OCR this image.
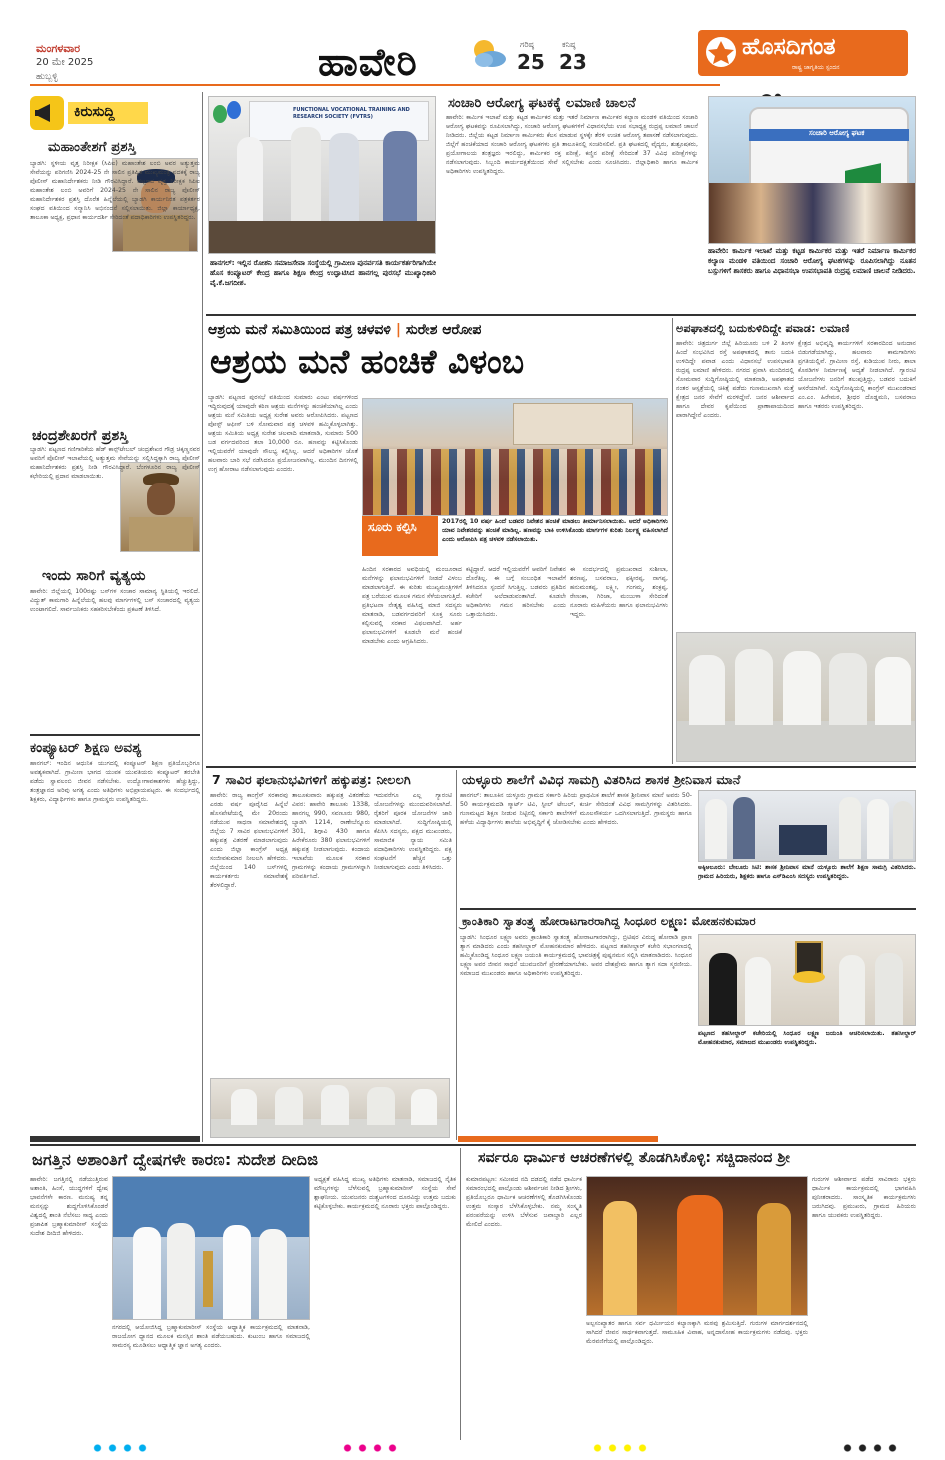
ಮಂಗಳವಾರ
20 ಮೇ 2025
ಹುಬ್ಬಳ್ಳಿ	ಹಾವೇರಿ	ಗರಿಷ್ಠ
25
ಕನಿಷ್ಠ
23
ಹೊಸದಿಗಂತ
ರಾಷ್ಟ್ರ ಜಾಗೃತಿಯ ಸ್ಪಂದನ
ಕಿರುಸುದ್ದಿ
ಮಹಾಂತೇಶಗೆ ಪ್ರಶಸ್ತಿ
ಬ್ಯಾಡಗಿ: ಸ್ಥಳೀಯ ವೃತ್ತ ನಿರೀಕ್ಷಕ (ಸಿಪಿಐ) ಮಹಾಂತೇಶ ಲಂಬಿ ಅವರ ಅತ್ಯುತ್ತಮ ಸೇವೆಯನ್ನು ಪರಿಗಣಿಸಿ 2024-25 ನೇ ಸಾಲಿನ ಪ್ರತಿಷ್ಠಿತ ಮುಖ್ಯಮಂತ್ರಿ ಪದಕಕ್ಕೆ ರಾಜ್ಯ ಪೊಲೀಸ್ ಮಹಾನಿರ್ದೇಶಕರು ನೀಡಿ ಗೌರವಿಸಿದ್ದಾರೆ. ಪಟ್ಟಣದ ವೃತ್ತ ನಿರೀಕ್ಷಕ ಸಿಪಿಐ ಮಹಾಂತೇಶ ಲಂಬಿ ಅವರಿಗೆ 2024-25 ನೇ ಸಾಲಿನ ರಾಜ್ಯ ಪೊಲೀಸ್ ಮಹಾನಿರ್ದೇಶಕರ ಪ್ರಶಸ್ತಿ ದೊರೆತ ಹಿನ್ನೆಲೆಯಲ್ಲಿ ಬ್ಯಾಡಗಿ ಕಾರ್ಯನಿರತ ಪತ್ರಕರ್ತರ ಸಂಘದ ವತಿಯಿಂದ ಸನ್ಮಾನಿಸಿ ಅಭಿನಂದನೆ ಸಲ್ಲಿಸಲಾಯಿತು. ಜಿಲ್ಲಾ ಕಾರ್ಯಾಧ್ಯಕ್ಷ, ತಾಲೂಕಾ ಅಧ್ಯಕ್ಷ, ಪ್ರಧಾನ ಕಾರ್ಯದರ್ಶಿ ಸೇರಿದಂತೆ ಪದಾಧಿಕಾರಿಗಳು ಉಪಸ್ಥಿತರಿದ್ದರು.
ಚಂದ್ರಶೇಖರಗೆ ಪ್ರಶಸ್ತಿ
ಬ್ಯಾಡಗಿ: ಪಟ್ಟಣದ ಗಣಿಗಾರಿಕೆಯ ಹೆಡ್ ಕಾನ್ಸ್‌ಟೇಬಲ್ ಚಂದ್ರಶೇಖರ ಗೌಡ್ರ ಚಿಕ್ಕಣ್ಣನವರ ಅವರಿಗೆ ಪೊಲೀಸ್ ಇಲಾಖೆಯಲ್ಲಿ ಅತ್ಯುತ್ತಮ ಸೇವೆಯನ್ನು ಸಲ್ಲಿಸಿದ್ದಕ್ಕಾಗಿ ರಾಜ್ಯ ಪೊಲೀಸ್ ಮಹಾನಿರ್ದೇಶಕರು ಪ್ರಶಸ್ತಿ ನೀಡಿ ಗೌರವಿಸಿದ್ದಾರೆ. ಬೆಂಗಳೂರಿನ ರಾಜ್ಯ ಪೊಲೀಸ್ ಕಛೇರಿಯಲ್ಲಿ ಪ್ರದಾನ ಮಾಡಲಾಯಿತು.
ಇಂದು ಸಾರಿಗೆ ವ್ಯತ್ಯಯ
ಹಾವೇರಿ: ಜಿಲ್ಲೆಯಲ್ಲಿ 100ರಷ್ಟು ಬಸ್‌ಗಳ ಸಂಚಾರ ಸಾಮಾನ್ಯ ಸ್ಥಿತಿಯಲ್ಲಿ ಇರಲಿದೆ. ವಿದ್ಯುತ್ ಕಾಮಗಾರಿ ಹಿನ್ನೆಲೆಯಲ್ಲಿ ಹಲವು ಮಾರ್ಗಗಳಲ್ಲಿ ಬಸ್ ಸಂಚಾರದಲ್ಲಿ ವ್ಯತ್ಯಯ ಉಂಟಾಗಲಿದೆ. ಸಾರ್ವಜನಿಕರು ಸಹಕರಿಸಬೇಕೆಂದು ಪ್ರಕಟಣೆ ತಿಳಿಸಿದೆ.
ಕಂಪ್ಯೂಟರ್ ಶಿಕ್ಷಣ ಅವಶ್ಯ
ಹಾನಗಲ್: ಇಂದಿನ ಆಧುನಿಕ ಯುಗದಲ್ಲಿ ಕಂಪ್ಯೂಟರ್ ಶಿಕ್ಷಣ ಪ್ರತಿಯೊಬ್ಬರಿಗೂ ಅವಶ್ಯಕವಾಗಿದೆ. ಗ್ರಾಮೀಣ ಭಾಗದ ಯುವಕ ಯುವತಿಯರು ಕಂಪ್ಯೂಟರ್ ತರಬೇತಿ ಪಡೆದು ಸ್ವಾವಲಂಬಿ ಜೀವನ ನಡೆಸಬೇಕು. ಉದ್ಯೋಗಾವಕಾಶಗಳು ಹೆಚ್ಚುತ್ತಿದ್ದು, ತಂತ್ರಜ್ಞಾನದ ಅರಿವು ಅಗತ್ಯ ಎಂದು ಅತಿಥಿಗಳು ಅಭಿಪ್ರಾಯಪಟ್ಟರು. ಈ ಸಂದರ್ಭದಲ್ಲಿ ಶಿಕ್ಷಕರು, ವಿದ್ಯಾರ್ಥಿಗಳು ಹಾಗೂ ಗ್ರಾಮಸ್ಥರು ಉಪಸ್ಥಿತರಿದ್ದರು.
FUNCTIONAL VOCATIONAL TRAINING AND RESEARCH SOCIETY (FVTRS)
ಹಾನಗಲ್: ಇಲ್ಲಿನ ರೋಶನಿ ಸಮಾಜಸೇವಾ ಸಂಸ್ಥೆಯಲ್ಲಿ ಗ್ರಾಮೀಣ ಪುನರ್ವಸತಿ ಕಾರ್ಯಕರ್ತರಿಗಾಗಿಯೇ ಹೊಸ ಕಂಪ್ಯೂಟರ್ ಕೇಂದ್ರ ಹಾಗೂ ಶಿಕ್ಷಣ ಕೇಂದ್ರ ಉದ್ಘಾಟಿಸಿದ ಹಾನಗಲ್ಲ ಪುರಸಭೆ ಮುಖ್ಯಾಧಿಕಾರಿ ವೈ.ಕೆ.ಜಗದೀಶ.
ಸಂಚಾರಿ ಆರೋಗ್ಯ ಘಟಕಕ್ಕೆ ಲಮಾಣಿ ಚಾಲನೆ
ಹಾವೇರಿ: ಕಾರ್ಮಿಕ ಇಲಾಖೆ ಮತ್ತು ಕಟ್ಟಡ ಕಾರ್ಮಿಕರ ಮತ್ತು ಇತರೆ ನಿರ್ಮಾಣ ಕಾರ್ಮಿಕರ ಕಲ್ಯಾಣ ಮಂಡಳಿ ವತಿಯಿಂದ ಸಂಚಾರಿ ಆರೋಗ್ಯ ಘಟಕವನ್ನು ರೂಪಿಸಲಾಗಿದ್ದು, ಸಂಚಾರಿ ಆರೋಗ್ಯ ಘಟಕಗಳಿಗೆ ವಿಧಾನಸಭೆಯ ಉಪ ಸಭಾಧ್ಯಕ್ಷ ರುದ್ರಪ್ಪ ಲಮಾಣಿ ಚಾಲನೆ ನೀಡಿದರು. ಜಿಲ್ಲೆಯ ಕಟ್ಟಡ ನಿರ್ಮಾಣ ಕಾರ್ಮಿಕರು ಕೆಲಸ ಮಾಡುವ ಸ್ಥಳಕ್ಕೇ ತೆರಳಿ ಉಚಿತ ಆರೋಗ್ಯ ತಪಾಸಣೆ ನಡೆಸಲಾಗುವುದು. ಜಿಲ್ಲೆಗೆ ಹಂಚಿಕೆಯಾದ ಸಂಚಾರಿ ಆರೋಗ್ಯ ಘಟಕಗಳು ಪ್ರತಿ ತಾಲೂಕಿನಲ್ಲಿ ಸಂಚರಿಸಲಿವೆ. ಪ್ರತಿ ಘಟಕದಲ್ಲಿ ವೈದ್ಯರು, ಶುಶ್ರೂಷಕರು, ಪ್ರಯೋಗಾಲಯ ತಂತ್ರಜ್ಞರು ಇರಲಿದ್ದು, ಕಾರ್ಮಿಕರ ರಕ್ತ ಪರೀಕ್ಷೆ, ಕಣ್ಣಿನ ಪರೀಕ್ಷೆ ಸೇರಿದಂತೆ 37 ವಿವಿಧ ಪರೀಕ್ಷೆಗಳನ್ನು ನಡೆಸಲಾಗುವುದು. ಸಿಬ್ಬಂದಿ ಕಾರ್ಯದಕ್ಷತೆಯಿಂದ ಸೇವೆ ಸಲ್ಲಿಸಬೇಕು ಎಂದು ಸೂಚಿಸಿದರು. ಜಿಲ್ಲಾಧಿಕಾರಿ ಹಾಗೂ ಕಾರ್ಮಿಕ ಅಧಿಕಾರಿಗಳು ಉಪಸ್ಥಿತರಿದ್ದರು.
ಸಂಚಾರಿ ಆರೋಗ್ಯ ಘಟಕ
ಹಾವೇರಿ: ಕಾರ್ಮಿಕ ಇಲಾಖೆ ಮತ್ತು ಕಟ್ಟಡ ಕಾರ್ಮಿಕರ ಮತ್ತು ಇತರೆ ನಿರ್ಮಾಣ ಕಾರ್ಮಿಕರ ಕಲ್ಯಾಣ ಮಂಡಳಿ ವತಿಯಿಂದ ಸಂಚಾರಿ ಆರೋಗ್ಯ ಘಟಕಗಳನ್ನು ರೂಪಿಸಲಾಗಿದ್ದು ನೂತನ ಬಸ್ಸುಗಳಿಗೆ ಶಾಸಕರು ಹಾಗೂ ವಿಧಾನಸಭಾ ಉಪಸಭಾಪತಿ ರುದ್ರಪ್ಪ ಲಮಾಣಿ ಚಾಲನೆ ನೀಡಿದರು.
ಆಶ್ರಯ ಮನೆ ಸಮಿತಿಯಿಂದ ಪತ್ರ ಚಳವಳಿ | ಸುರೇಶ ಆರೋಪ
ಆಶ್ರಯ ಮನೆ ಹಂಚಿಕೆ ವಿಳಂಬ
ಬ್ಯಾಡಗಿ: ಪಟ್ಟಣದ ಪುರಸಭೆ ವತಿಯಿಂದ ಸುಮಾರು ಎಂಟು ವರ್ಷಗಳಿಂದ ಇದ್ದಿರುವುದಕ್ಕೆ ಯಾವುದೇ ಕಠಿಣ ಆಶ್ರಯ ಮನೆಗಳನ್ನು ಹಂಚಿಕೆಯಾಗಿಲ್ಲ ಎಂದು ಆಶ್ರಯ ಮನೆ ಸಮಿತಿಯ ಅಧ್ಯಕ್ಷ ಸುರೇಶ ಅವರು ಆರೋಪಿಸಿದರು. ಪಟ್ಟಣದ ಪೋಸ್ಟ್ ಆಫೀಸ್ ಬಳಿ ಸೋಮವಾರ ಪತ್ರ ಚಳವಳಿ ಹಮ್ಮಿಕೊಳ್ಳಲಾಗಿತ್ತು. ಆಶ್ರಯ ಸಮಿತಿಯ ಅಧ್ಯಕ್ಷ ಸುರೇಶ ಚಲವಾದಿ ಮಾತನಾಡಿ, ಸುಮಾರು 500 ಬಡ ವರ್ಗದವರಿಂದ ತಲಾ 10,000 ರೂ. ಹಣವನ್ನು ಕಟ್ಟಿಸಿಕೊಂಡು ಇಲ್ಲಿಯವರೆಗೆ ಯಾವುದೇ ಸೌಲಭ್ಯ ಕಲ್ಪಿಸಿಲ್ಲ. ಆದರೆ ಅಧಿಕಾರಿಗಳ ಜೊತೆ ಹಲವಾರು ಬಾರಿ ಸಭೆ ನಡೆಸಿದರೂ ಪ್ರಯೋಜನವಾಗಿಲ್ಲ. ಮುಂದಿನ ದಿನಗಳಲ್ಲಿ ಉಗ್ರ ಹೋರಾಟ ನಡೆಸಲಾಗುವುದು ಎಂದರು.
ಸೂರು ಕಲ್ಪಿಸಿ	2017ರಲ್ಲಿ 10 ವರ್ಷ ಹಿಂದೆ ಬಡವರ ನಿವೇಶನ ಹಂಚಿಕೆ ಮಾಡಲು ತೀರ್ಮಾನಿಸಲಾಯಿತು. ಆದರೆ ಅಧಿಕಾರಿಗಳು ಯಾವ ನಿವೇಶನವನ್ನು ಹಂಚಿಕೆ ಮಾಡಿಲ್ಲ. ಹಣವನ್ನು ಬಾಕಿ ಉಳಿಸಿಕೊಂಡು ಮಾರ್ಗಗಳ ಕುರಿತು ನಿರ್ಲಕ್ಷ್ಯ ವಹಿಸಲಾಗಿದೆ ಎಂದು ಆರೋಪಿಸಿ ಪತ್ರ ಚಳವಳಿ ನಡೆಸಲಾಯಿತು.
ಹಿಂದಿನ ಸರಕಾರದ ಅವಧಿಯಲ್ಲಿ ಮಂಜೂರಾದ ಮನೆಗಳನ್ನು ಫಲಾನುಭವಿಗಳಿಗೆ ನೀಡದೆ ವಿಳಂಬ ಮಾಡಲಾಗುತ್ತಿದೆ. ಈ ಕುರಿತು ಮುಖ್ಯಮಂತ್ರಿಗಳಿಗೆ ಪತ್ರ ಬರೆಯುವ ಮೂಲಕ ಗಮನ ಸೆಳೆಯಲಾಗುತ್ತಿದೆ. ಪ್ರತಿಭಟನಾ ನೇತೃತ್ವ ವಹಿಸಿದ್ದ ಮಾಜಿ ಸದಸ್ಯರು ಮಾತನಾಡಿ, ಬಡವರ್ಗದವರಿಗೆ ಸೂಕ್ತ ಸೂರು ಕಲ್ಪಿಸುವಲ್ಲಿ ಸರಕಾರ ವಿಫಲವಾಗಿದೆ. ಅರ್ಹ ಫಲಾನುಭವಿಗಳಿಗೆ ಕೂಡಲೇ ಮನೆ ಹಂಚಿಕೆ ಮಾಡಬೇಕು ಎಂದು ಆಗ್ರಹಿಸಿದರು.
ಕಟ್ಟಿದ್ದಾರೆ. ಆದರೆ ಇಲ್ಲಿಯವರೆಗೆ ಆವರಿಗೆ ನಿವೇಶನ ದೊರೆತಿಲ್ಲ. ಈ ಬಗ್ಗೆ ಸಂಬಂಧಿತ ಇಲಾಖೆಗೆ ತಿಳಿಸಿದರೂ ಸ್ಪಂದನೆ ಸಿಗುತ್ತಿಲ್ಲ. ಬಡವರು ಪ್ರತಿದಿನ ಕಚೇರಿಗೆ ಅಲೆದಾಡುವಂತಾಗಿದೆ. ಕೂಡಲೇ ಅಧಿಕಾರಿಗಳು ಗಮನ ಹರಿಸಬೇಕು ಎಂದು ಒತ್ತಾಯಿಸಿದರು.
ಈ ಸಂದರ್ಭದಲ್ಲಿ ಪ್ರಮುಖರಾದ ಸುಶೀಲಾ, ಶರಣಪ್ಪ, ಬಸವರಾಜ, ಫಕ್ಕೀರಪ್ಪ, ನಾಗಪ್ಪ, ಹನುಮಂತಪ್ಪ, ಲಕ್ಷ್ಮೀ, ಗಂಗಮ್ಮ, ಶಂಕ್ರಪ್ಪ, ರೇಣುಕಾ, ಗಿರಿಜಾ, ಮಂಜುಳಾ ಸೇರಿದಂತೆ ನೂರಾರು ಮಹಿಳೆಯರು ಹಾಗೂ ಫಲಾನುಭವಿಗಳು ಇದ್ದರು.
ಅಪಘಾತದಲ್ಲಿ ಬದುಕುಳಿದಿದ್ದೇ ಪವಾಡ: ಲಮಾಣಿ
ಹಾವೇರಿ: ಚಿತ್ರದುರ್ಗ ಜಿಲ್ಲೆ ಹಿರಿಯೂರು ಬಳಿ 2 ತಿಂಗಳ ಹಿಂದೆ ಸಂಭವಿಸಿದ ರಸ್ತೆ ಅಪಘಾತದಲ್ಲಿ ತಾನು ಬದುಕಿ ಉಳಿದಿದ್ದೇ ಪವಾಡ ಎಂದು ವಿಧಾನಸಭೆ ಉಪಸಭಾಪತಿ ರುದ್ರಪ್ಪ ಲಮಾಣಿ ಹೇಳಿದರು. ನಗರದ ಪ್ರವಾಸಿ ಮಂದಿರದಲ್ಲಿ ಸೋಮವಾರ ಸುದ್ದಿಗೋಷ್ಠಿಯಲ್ಲಿ ಮಾತನಾಡಿ, ಅಪಘಾತದ ನಂತರ ಆಸ್ಪತ್ರೆಯಲ್ಲಿ ಚಿಕಿತ್ಸೆ ಪಡೆದು ಗುಣಮುಖನಾಗಿ ಮತ್ತೆ ಕ್ಷೇತ್ರದ ಜನರ ಸೇವೆಗೆ ಮರಳಿದ್ದೇನೆ. ಜನರ ಆಶೀರ್ವಾದ ಹಾಗೂ ದೇವರ ಕೃಪೆಯಿಂದ ಪ್ರಾಣಾಪಾಯದಿಂದ ಪಾರಾಗಿದ್ದೇನೆ ಎಂದರು.
ಕ್ಷೇತ್ರದ ಅಭಿವೃದ್ಧಿ ಕಾರ್ಯಗಳಿಗೆ ಸರಕಾರದಿಂದ ಅನುದಾನ ಬಿಡುಗಡೆಯಾಗಿದ್ದು, ಹಲವಾರು ಕಾಮಗಾರಿಗಳು ಪ್ರಗತಿಯಲ್ಲಿವೆ. ಗ್ರಾಮೀಣ ರಸ್ತೆ, ಕುಡಿಯುವ ನೀರು, ಶಾಲಾ ಕೊಠಡಿಗಳ ನಿರ್ಮಾಣಕ್ಕೆ ಆದ್ಯತೆ ನೀಡಲಾಗಿದೆ. ಗ್ಯಾರಂಟಿ ಯೋಜನೆಗಳು ಜನರಿಗೆ ತಲುಪುತ್ತಿದ್ದು, ಬಡವರ ಬದುಕಿಗೆ ಆಸರೆಯಾಗಿವೆ. ಸುದ್ದಿಗೋಷ್ಠಿಯಲ್ಲಿ ಕಾಂಗ್ರೆಸ್ ಮುಖಂಡರಾದ ಎಂ.ಎಂ. ಹಿರೇಮಠ, ಶ್ರೀಧರ ದೊಡ್ಡಮನಿ, ಬಸವರಾಜ ಹಾಗೂ ಇತರರು ಉಪಸ್ಥಿತರಿದ್ದರು.
7 ಸಾವಿರ ಫಲಾನುಭವಿಗಳಿಗೆ ಹಕ್ಕುಪತ್ರ: ನೀಲಲಗಿ
ಹಾವೇರಿ: ರಾಜ್ಯ ಕಾಂಗ್ರೆಸ್ ಸರಕಾರವು ಎರಡು ವರ್ಷ ಪೂರೈಸಿದ ಹಿನ್ನೆಲೆ ಹೊಸಪೇಟೆಯಲ್ಲಿ ಮೇ 20ರಂದು ನಡೆಯುವ ಸಾಧನಾ ಸಮಾವೇಶದಲ್ಲಿ ಜಿಲ್ಲೆಯ 7 ಸಾವಿರ ಫಲಾನುಭವಿಗಳಿಗೆ ಹಕ್ಕುಪತ್ರ ವಿತರಣೆ ಮಾಡಲಾಗುವುದು ಎಂದು ಜಿಲ್ಲಾ ಕಾಂಗ್ರೆಸ್ ಅಧ್ಯಕ್ಷ ಸಂಜೀವಕುಮಾರ ನೀಲಲಗಿ ಹೇಳಿದರು. ಜಿಲ್ಲೆಯಿಂದ 140 ಬಸ್‌ಗಳಲ್ಲಿ ಕಾರ್ಯಕರ್ತರು ಸಮಾವೇಶಕ್ಕೆ ತೆರಳಲಿದ್ದಾರೆ.
ತಾಲೂಕುವಾರು ಹಕ್ಕುಪತ್ರ ವಿತರಣೆಯ ವಿವರ: ಹಾವೇರಿ ತಾಲೂಕು 1338, ಹಾನಗಲ್ಲ 990, ಸವಣೂರು 980, ಬ್ಯಾಡಗಿ 1214, ರಾಣೇಬೆನ್ನೂರು 301, ಶಿಗ್ಗಾವಿ 430 ಹಾಗೂ ಹಿರೇಕೆರೂರು 380 ಫಲಾನುಭವಿಗಳಿಗೆ ಹಕ್ಕುಪತ್ರ ನೀಡಲಾಗುವುದು. ಕಂದಾಯ ಇಲಾಖೆಯ ಮೂಲಕ ಸರಕಾರ ಗ್ರಾಮಗಳನ್ನು ಕಂದಾಯ ಗ್ರಾಮಗಳನ್ನಾಗಿ ಪರಿವರ್ತಿಸಿದೆ.
ಇದುವರೆಗೂ ಎಲ್ಲ ಗ್ಯಾರಂಟಿ ಯೋಜನೆಗಳನ್ನು ಮುಂದುವರಿಸಲಾಗಿದೆ. ರೈತರಿಗೆ ಪೂರಕ ಯೋಜನೆಗಳ ಜಾರಿ ಮಾಡಲಾಗಿದೆ. ಸುದ್ದಿಗೋಷ್ಠಿಯಲ್ಲಿ ಕೆಪಿಸಿಸಿ ಸದಸ್ಯರು, ಪಕ್ಷದ ಮುಖಂಡರು, ಸಾಮಾಜಿಕ ನ್ಯಾಯ ಸಮಿತಿ ಪದಾಧಿಕಾರಿಗಳು ಉಪಸ್ಥಿತರಿದ್ದರು. ಪಕ್ಷ ಸಂಘಟನೆಗೆ ಹೆಚ್ಚಿನ ಒತ್ತು ನೀಡಲಾಗುವುದು ಎಂದು ತಿಳಿಸಿದರು.
ಯಳ್ಳೂರು ಶಾಲೆಗೆ ವಿವಿಧ ಸಾಮಗ್ರಿ ವಿತರಿಸಿದ ಶಾಸಕ ಶ್ರೀನಿವಾಸ ಮಾನೆ
ಹಾನಗಲ್: ತಾಲೂಕಿನ ಯಳ್ಳೂರು ಗ್ರಾಮದ ಸರ್ಕಾರಿ ಹಿರಿಯ ಪ್ರಾಥಮಿಕ ಶಾಲೆಗೆ ಶಾಸಕ ಶ್ರೀನಿವಾಸ ಮಾನೆ ಅವರು 50-50 ಕಾರ್ಯಕ್ರಮದಡಿ ಸ್ಮಾರ್ಟ್ ಟಿವಿ, ಸ್ಟೀಲ್ ಟೇಬಲ್, ಕುರ್ಚಿ ಸೇರಿದಂತೆ ವಿವಿಧ ಸಾಮಗ್ರಿಗಳನ್ನು ವಿತರಿಸಿದರು. ಗುಣಮಟ್ಟದ ಶಿಕ್ಷಣ ನೀಡುವ ನಿಟ್ಟಿನಲ್ಲಿ ಸರ್ಕಾರಿ ಶಾಲೆಗಳಿಗೆ ಮೂಲಸೌಕರ್ಯ ಒದಗಿಸಲಾಗುತ್ತಿದೆ. ಗ್ರಾಮಸ್ಥರು ಹಾಗೂ ಹಳೆಯ ವಿದ್ಯಾರ್ಥಿಗಳು ಶಾಲೆಯ ಅಭಿವೃದ್ಧಿಗೆ ಕೈ ಜೋಡಿಸಬೇಕು ಎಂದು ಹೇಳಿದರು.
ಅಕ್ಕಿಆಲೂರು: ಬೇಲೂರು ಸಿಟಿ: ಶಾಸಕ ಶ್ರೀನಿವಾಸ ಮಾನೆ ಯಳ್ಳೂರು ಶಾಲೆಗೆ ಶಿಕ್ಷಣ ಸಾಮಗ್ರಿ ವಿತರಿಸಿದರು. ಗ್ರಾಮದ ಹಿರಿಯರು, ಶಿಕ್ಷಕರು ಹಾಗೂ ಎಸ್‌ಡಿಎಂಸಿ ಸದಸ್ಯರು ಉಪಸ್ಥಿತರಿದ್ದರು.
ಕ್ರಾಂತಿಕಾರಿ ಸ್ವಾತಂತ್ರ್ಯ ಹೋರಾಟಗಾರರಾಗಿದ್ದ ಸಿಂಧೂರ ಲಕ್ಷ್ಮಣ: ಮೋಹನಕುಮಾರ
ಬ್ಯಾಡಗಿ: ಸಿಂಧೂರ ಲಕ್ಷ್ಮಣ ಅವರು ಕ್ರಾಂತಿಕಾರಿ ಸ್ವಾತಂತ್ರ್ಯ ಹೋರಾಟಗಾರರಾಗಿದ್ದು, ಬ್ರಿಟಿಷರ ವಿರುದ್ಧ ಹೋರಾಡಿ ಪ್ರಾಣ ತ್ಯಾಗ ಮಾಡಿದರು ಎಂದು ತಹಸೀಲ್ದಾರ್ ಮೋಹನಕುಮಾರ ಹೇಳಿದರು. ಪಟ್ಟಣದ ತಹಸೀಲ್ದಾರ್ ಕಚೇರಿ ಸಭಾಂಗಣದಲ್ಲಿ ಹಮ್ಮಿಕೊಂಡಿದ್ದ ಸಿಂಧೂರ ಲಕ್ಷ್ಮಣ ಜಯಂತಿ ಕಾರ್ಯಕ್ರಮದಲ್ಲಿ ಭಾವಚಿತ್ರಕ್ಕೆ ಪುಷ್ಪನಮನ ಸಲ್ಲಿಸಿ ಮಾತನಾಡಿದರು. ಸಿಂಧೂರ ಲಕ್ಷ್ಮಣ ಅವರ ಜೀವನ ಸಾಧನೆ ಯುವಜನರಿಗೆ ಪ್ರೇರಣೆಯಾಗಬೇಕು. ಅವರ ದೇಶಪ್ರೇಮ ಹಾಗೂ ತ್ಯಾಗ ಸದಾ ಸ್ಮರಣೀಯ. ಸಮಾಜದ ಮುಖಂಡರು ಹಾಗೂ ಅಧಿಕಾರಿಗಳು ಉಪಸ್ಥಿತರಿದ್ದರು.
ಪಟ್ಟಣದ ತಹಸೀಲ್ದಾರ್ ಕಚೇರಿಯಲ್ಲಿ ಸಿಂಧೂರ ಲಕ್ಷ್ಮಣ ಜಯಂತಿ ಆಚರಿಸಲಾಯಿತು. ತಹಸೀಲ್ದಾರ್ ಮೋಹನಕುಮಾರ, ಸಮಾಜದ ಮುಖಂಡರು ಉಪಸ್ಥಿತರಿದ್ದರು.
ಜಗತ್ತಿನ ಅಶಾಂತಿಗೆ ದ್ವೇಷಗಳೇ ಕಾರಣ: ಸುದೇಶ ದೀದಿಜಿ
ಹಾವೇರಿ: ಜಗತ್ತಿನಲ್ಲಿ ನಡೆಯುತ್ತಿರುವ ಅಶಾಂತಿ, ಹಿಂಸೆ, ಯುದ್ಧಗಳಿಗೆ ದ್ವೇಷ ಭಾವನೆಗಳೇ ಕಾರಣ. ಮನುಷ್ಯ ತನ್ನ ಮನಸ್ಸನ್ನು ಶುದ್ಧಗೊಳಿಸಿಕೊಂಡರೆ ವಿಶ್ವದಲ್ಲಿ ಶಾಂತಿ ನೆಲೆಸಲು ಸಾಧ್ಯ ಎಂದು ಪ್ರಜಾಪಿತ ಬ್ರಹ್ಮಾಕುಮಾರೀಸ್ ಸಂಸ್ಥೆಯ ಸುದೇಶ ದೀದಿಜಿ ಹೇಳಿದರು.
ನಗರದಲ್ಲಿ ಆಯೋಜಿಸಿದ್ದ ಬ್ರಹ್ಮಾಕುಮಾರೀಸ್ ಸಂಸ್ಥೆಯ ಆಧ್ಯಾತ್ಮಿಕ ಕಾರ್ಯಕ್ರಮದಲ್ಲಿ ಮಾತನಾಡಿ, ರಾಜಯೋಗ ಧ್ಯಾನದ ಮೂಲಕ ಮನಸ್ಸಿನ ಶಾಂತಿ ಪಡೆಯಬಹುದು. ಕುಟುಂಬ ಹಾಗೂ ಸಮಾಜದಲ್ಲಿ ಸಾಮರಸ್ಯ ಮೂಡಿಸಲು ಆಧ್ಯಾತ್ಮಿಕ ಜ್ಞಾನ ಅಗತ್ಯ ಎಂದರು.
ಅಧ್ಯಕ್ಷತೆ ವಹಿಸಿದ್ದ ಮುಖ್ಯ ಅತಿಥಿಗಳು ಮಾತನಾಡಿ, ಸಮಾಜದಲ್ಲಿ ನೈತಿಕ ಮೌಲ್ಯಗಳನ್ನು ಬೆಳೆಸುವಲ್ಲಿ ಬ್ರಹ್ಮಾಕುಮಾರೀಸ್ ಸಂಸ್ಥೆಯ ಸೇವೆ ಶ್ಲಾಘನೀಯ. ಯುವಜನರು ದುಶ್ಚಟಗಳಿಂದ ದೂರವಿದ್ದು ಉತ್ತಮ ಬದುಕು ಕಟ್ಟಿಕೊಳ್ಳಬೇಕು. ಕಾರ್ಯಕ್ರಮದಲ್ಲಿ ನೂರಾರು ಭಕ್ತರು ಪಾಲ್ಗೊಂಡಿದ್ದರು.
ಸರ್ವರೂ ಧಾರ್ಮಿಕ ಆಚರಣೆಗಳಲ್ಲಿ ತೊಡಗಿಸಿಕೊಳ್ಳಿ: ಸಚ್ಚಿದಾನಂದ ಶ್ರೀ
ಕುಮಾರಪಟ್ಟಣ: ಸಮೀಪದ ನದಿ ದಡದಲ್ಲಿ ನಡೆದ ಧಾರ್ಮಿಕ ಸಮಾರಂಭದಲ್ಲಿ ಪಾಲ್ಗೊಂಡು ಆಶೀರ್ವಚನ ನೀಡಿದ ಶ್ರೀಗಳು, ಪ್ರತಿಯೊಬ್ಬರೂ ಧಾರ್ಮಿಕ ಆಚರಣೆಗಳಲ್ಲಿ ತೊಡಗಿಸಿಕೊಂಡು ಉತ್ತಮ ಸಂಸ್ಕಾರ ಬೆಳೆಸಿಕೊಳ್ಳಬೇಕು. ನಮ್ಮ ಸಂಸ್ಕೃತಿ ಪರಂಪರೆಯನ್ನು ಉಳಿಸಿ ಬೆಳೆಸುವ ಜವಾಬ್ದಾರಿ ಎಲ್ಲರ ಮೇಲಿದೆ ಎಂದರು.
ಅಲ್ಪಸಂಖ್ಯಾತರ ಹಾಗೂ ಸರ್ವ ಧರ್ಮೀಯರ ಕಲ್ಯಾಣಕ್ಕಾಗಿ ಮಠವು ಶ್ರಮಿಸುತ್ತಿದೆ. ಗುರುಗಳ ಮಾರ್ಗದರ್ಶನದಲ್ಲಿ ಸಾಗಿದರೆ ಜೀವನ ಸಾರ್ಥಕವಾಗುತ್ತದೆ. ಸಾಮೂಹಿಕ ವಿವಾಹ, ಅನ್ನದಾಸೋಹ ಕಾರ್ಯಕ್ರಮಗಳು ನಡೆದವು. ಭಕ್ತರು ಮೆರವಣಿಗೆಯಲ್ಲಿ ಪಾಲ್ಗೊಂಡಿದ್ದರು.
ಗುರುಗಳ ಆಶೀರ್ವಾದ ಪಡೆದ ಸಾವಿರಾರು ಭಕ್ತರು ಧಾರ್ಮಿಕ ಕಾರ್ಯಕ್ರಮದಲ್ಲಿ ಭಾಗವಹಿಸಿ ಪುನೀತರಾದರು. ಸಾಂಸ್ಕೃತಿಕ ಕಾರ್ಯಕ್ರಮಗಳು ಜರುಗಿದವು. ಪ್ರಮುಖರು, ಗ್ರಾಮದ ಹಿರಿಯರು ಹಾಗೂ ಯುವಕರು ಉಪಸ್ಥಿತರಿದ್ದರು.
